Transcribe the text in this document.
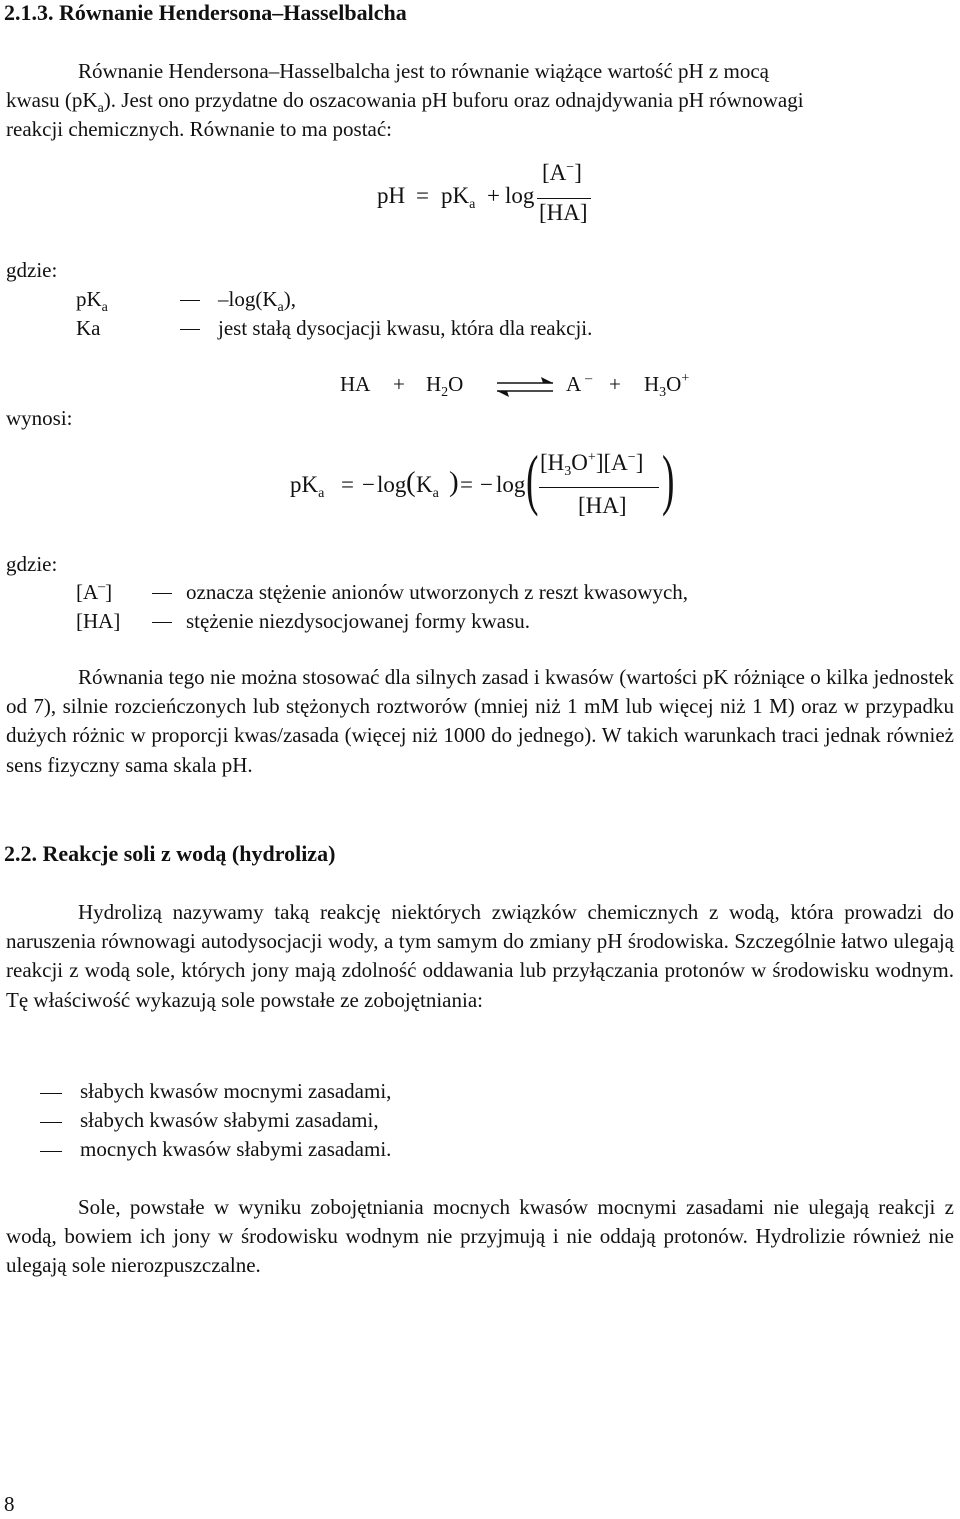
2.1.3. Równanie Hendersona–Hasselbalcha
Równanie Hendersona–Hasselbalcha jest to równanie wiążące wartość pH z mocą
kwasu $(pK_a)$. Jest ono przydatne do oszacowania pH buforu oraz odnajdywania pH równowagi
reakcji chemicznych. Równanie to ma postać:
pH = $pK_a + \log$
[A−]
[HA]
gdzie:
$pK_a$	$-\log(K_a)$,
Ka	jest stałą dysocjacji kwasu, która dla reakcji.
HA + $H_2O$ ⇌ A $^- + H_3O^+$
wynosi:
$pK_a$ = − log ( $K_a$ ) = − log ( $[H_3O^+][A^-]$
[HA] )
gdzie:
[A–]	oznacza stężenie anionów utworzonych z reszt kwasowych,
[HA]	stężenie niezdysocjowanej formy kwasu.
Równania tego nie można stosować dla silnych zasad i kwasów (wartości pK różniące o kilka jednostek od 7), silnie rozcieńczonych lub stężonych roztworów (mniej niż 1 mM lub więcej niż 1 M) oraz w przypadku dużych różnic w proporcji kwas/zasada (więcej niż 1000 do jednego). W takich warunkach traci jednak również sens fizyczny sama skala pH.
2.2. Reakcje soli z wodą (hydroliza)
Hydrolizą nazywamy taką reakcję niektórych związków chemicznych z wodą, która prowadzi do naruszenia równowagi autodysocjacji wody, a tym samym do zmiany pH środowiska. Szczególnie łatwo ulegają reakcji z wodą sole, których jony mają zdolność oddawania lub przyłączania protonów w środowisku wodnym. Tę właściwość wykazują sole powstałe ze zobojętniania:
słabych kwasów mocnymi zasadami,
słabych kwasów słabymi zasadami,
mocnych kwasów słabymi zasadami.
Sole, powstałe w wyniku zobojętniania mocnych kwasów mocnymi zasadami nie ulegają reakcji z wodą, bowiem ich jony w środowisku wodnym nie przyjmują i nie oddają protonów. Hydrolizie również nie ulegają sole nierozpuszczalne.
8
